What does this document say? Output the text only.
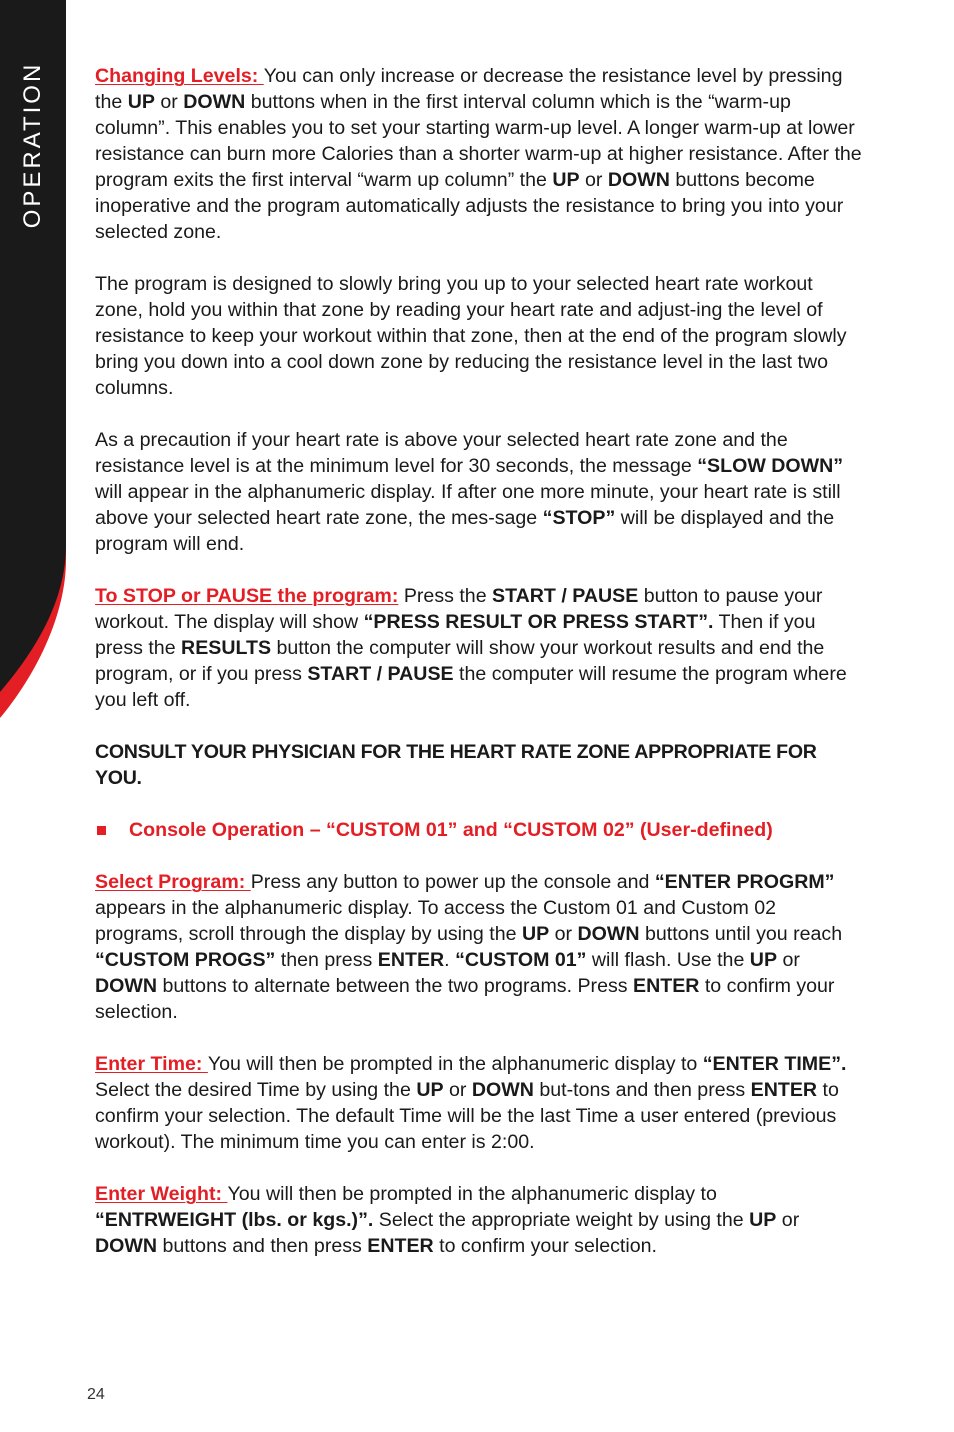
OPERATION	Changing Levels: You can only increase or decrease the resistance level by pressing the UP or DOWN buttons when in the first interval column which is the “warm-up column”. This enables you to set your starting warm-up level. A longer warm-up at lower resistance can burn more Calories than a shorter warm-up at higher resistance. After the program exits the first interval “warm up column” the UP or DOWN buttons become inoperative and the program automatically adjusts the resistance to bring you into your selected zone.

The program is designed to slowly bring you up to your selected heart rate workout zone, hold you within that zone by reading your heart rate and adjust-ing the level of resistance to keep your workout within that zone, then at the end of the program slowly bring you down into a cool down zone by reducing the resistance level in the last two columns.

As a precaution if your heart rate is above your selected heart rate zone and the resistance level is at the minimum level for 30 seconds, the message “SLOW DOWN” will appear in the alphanumeric display. If after one more minute, your heart rate is still above your selected heart rate zone, the mes-sage “STOP” will be displayed and the program will end.

To STOP or PAUSE the program: Press the START / PAUSE button to pause your workout. The display will show “PRESS RESULT OR PRESS START”. Then if you press the RESULTS button the computer will show your workout results and end the program, or if you press START / PAUSE the computer will resume the program where you left off.

CONSULT YOUR PHYSICIAN FOR THE HEART RATE ZONE APPROPRIATE FOR YOU.

Console Operation – “CUSTOM 01” and “CUSTOM 02” (User-defined)

Select Program: Press any button to power up the console and “ENTER PROGRM” appears in the alphanumeric display. To access the Custom 01 and Custom 02 programs, scroll through the display by using the UP or DOWN buttons until you reach “CUSTOM PROGS” then press ENTER. “CUSTOM 01” will flash. Use the UP or DOWN buttons to alternate between the two programs. Press ENTER to confirm your selection.

Enter Time: You will then be prompted in the alphanumeric display to “ENTER TIME”. Select the desired Time by using the UP or DOWN but-tons and then press ENTER to confirm your selection. The default Time will be the last Time a user entered (previous workout). The minimum time you can enter is 2:00.

Enter Weight: You will then be prompted in the alphanumeric display to “ENTRWEIGHT (lbs. or kgs.)”. Select the appropriate weight by using the UP or DOWN buttons and then press ENTER to confirm your selection.

24
